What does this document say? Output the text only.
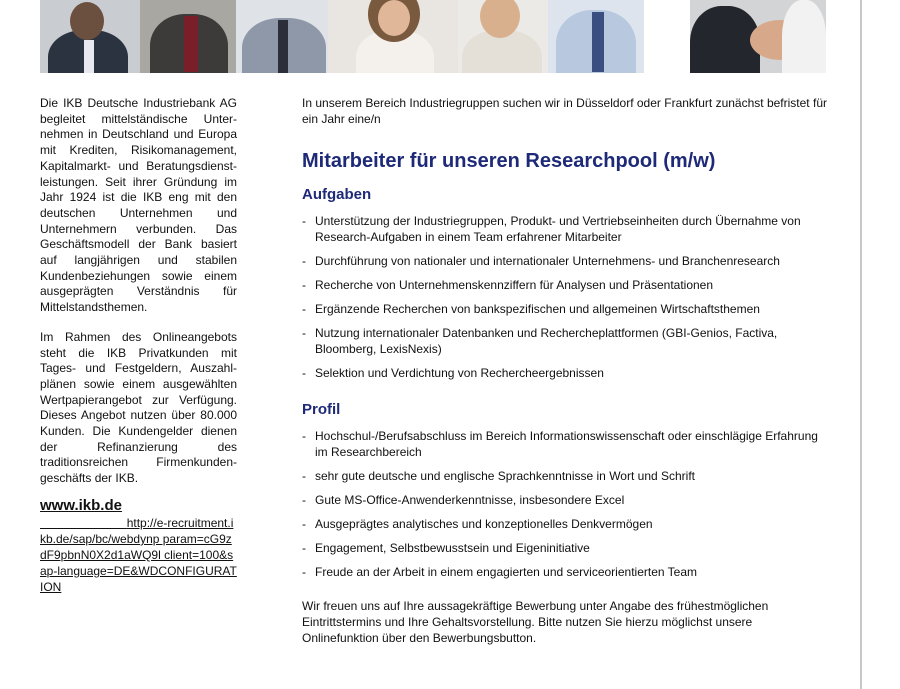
Die IKB Deutsche Industriebank AG begleitet mittelständische Unter-nehmen in Deutschland und Europa mit Krediten, Risikomanagement, Kapitalmarkt- und Beratungsdienst-leistungen. Seit ihrer Gründung im Jahr 1924 ist die IKB eng mit den deutschen Unternehmen und Unternehmern verbunden. Das Geschäftsmodell der Bank basiert auf langjährigen und stabilen Kundenbeziehungen sowie einem ausgeprägten Verständnis für Mittelstandsthemen.

Im Rahmen des Onlineangebots steht die IKB Privatkunden mit Tages- und Festgeldern, Auszahl-plänen sowie einem ausgewählten Wertpapierangebot zur Verfügung. Dieses Angebot nutzen über 80.000 Kunden. Die Kundengelder dienen der Refinanzierung des traditionsreichen Firmenkunden-geschäfts der IKB.

www.ikb.de
http://e-recruitment.ikb.de/sap/bc/webdynp param=cG9zdF9pbnN0X2d1aWQ9l client=100&sap-language=DE&WDCONFIGURATION

In unserem Bereich Industriegruppen suchen wir in Düsseldorf oder Frankfurt zunächst befristet für ein Jahr eine/n

Mitarbeiter für unseren Researchpool (m/w)
Aufgaben
- Unterstützung der Industriegruppen, Produkt- und Vertriebseinheiten durch Übernahme von Research-Aufgaben in einem Team erfahrener Mitarbeiter
- Durchführung von nationaler und internationaler Unternehmens- und Branchenresearch
- Recherche von Unternehmenskennziffern für Analysen und Präsentationen
- Ergänzende Recherchen von bankspezifischen und allgemeinen Wirtschaftsthemen
- Nutzung internationaler Datenbanken und Rechercheplattformen (GBI-Genios, Factiva, Bloomberg, LexisNexis)
- Selektion und Verdichtung von Rechercheergebnissen
Profil
- Hochschul-/Berufsabschluss im Bereich Informationswissenschaft oder einschlägige Erfahrung im Researchbereich
- sehr gute deutsche und englische Sprachkenntnisse in Wort und Schrift
- Gute MS-Office-Anwenderkenntnisse, insbesondere Excel
- Ausgeprägtes analytisches und konzeptionelles Denkvermögen
- Engagement, Selbstbewusstsein und Eigeninitiative
- Freude an der Arbeit in einem engagierten und serviceorientierten Team

Wir freuen uns auf Ihre aussagekräftige Bewerbung unter Angabe des frühestmöglichen Eintrittstermins und Ihre Gehaltsvorstellung. Bitte nutzen Sie hierzu möglichst unsere Onlinefunktion über den Bewerbungsbutton.
